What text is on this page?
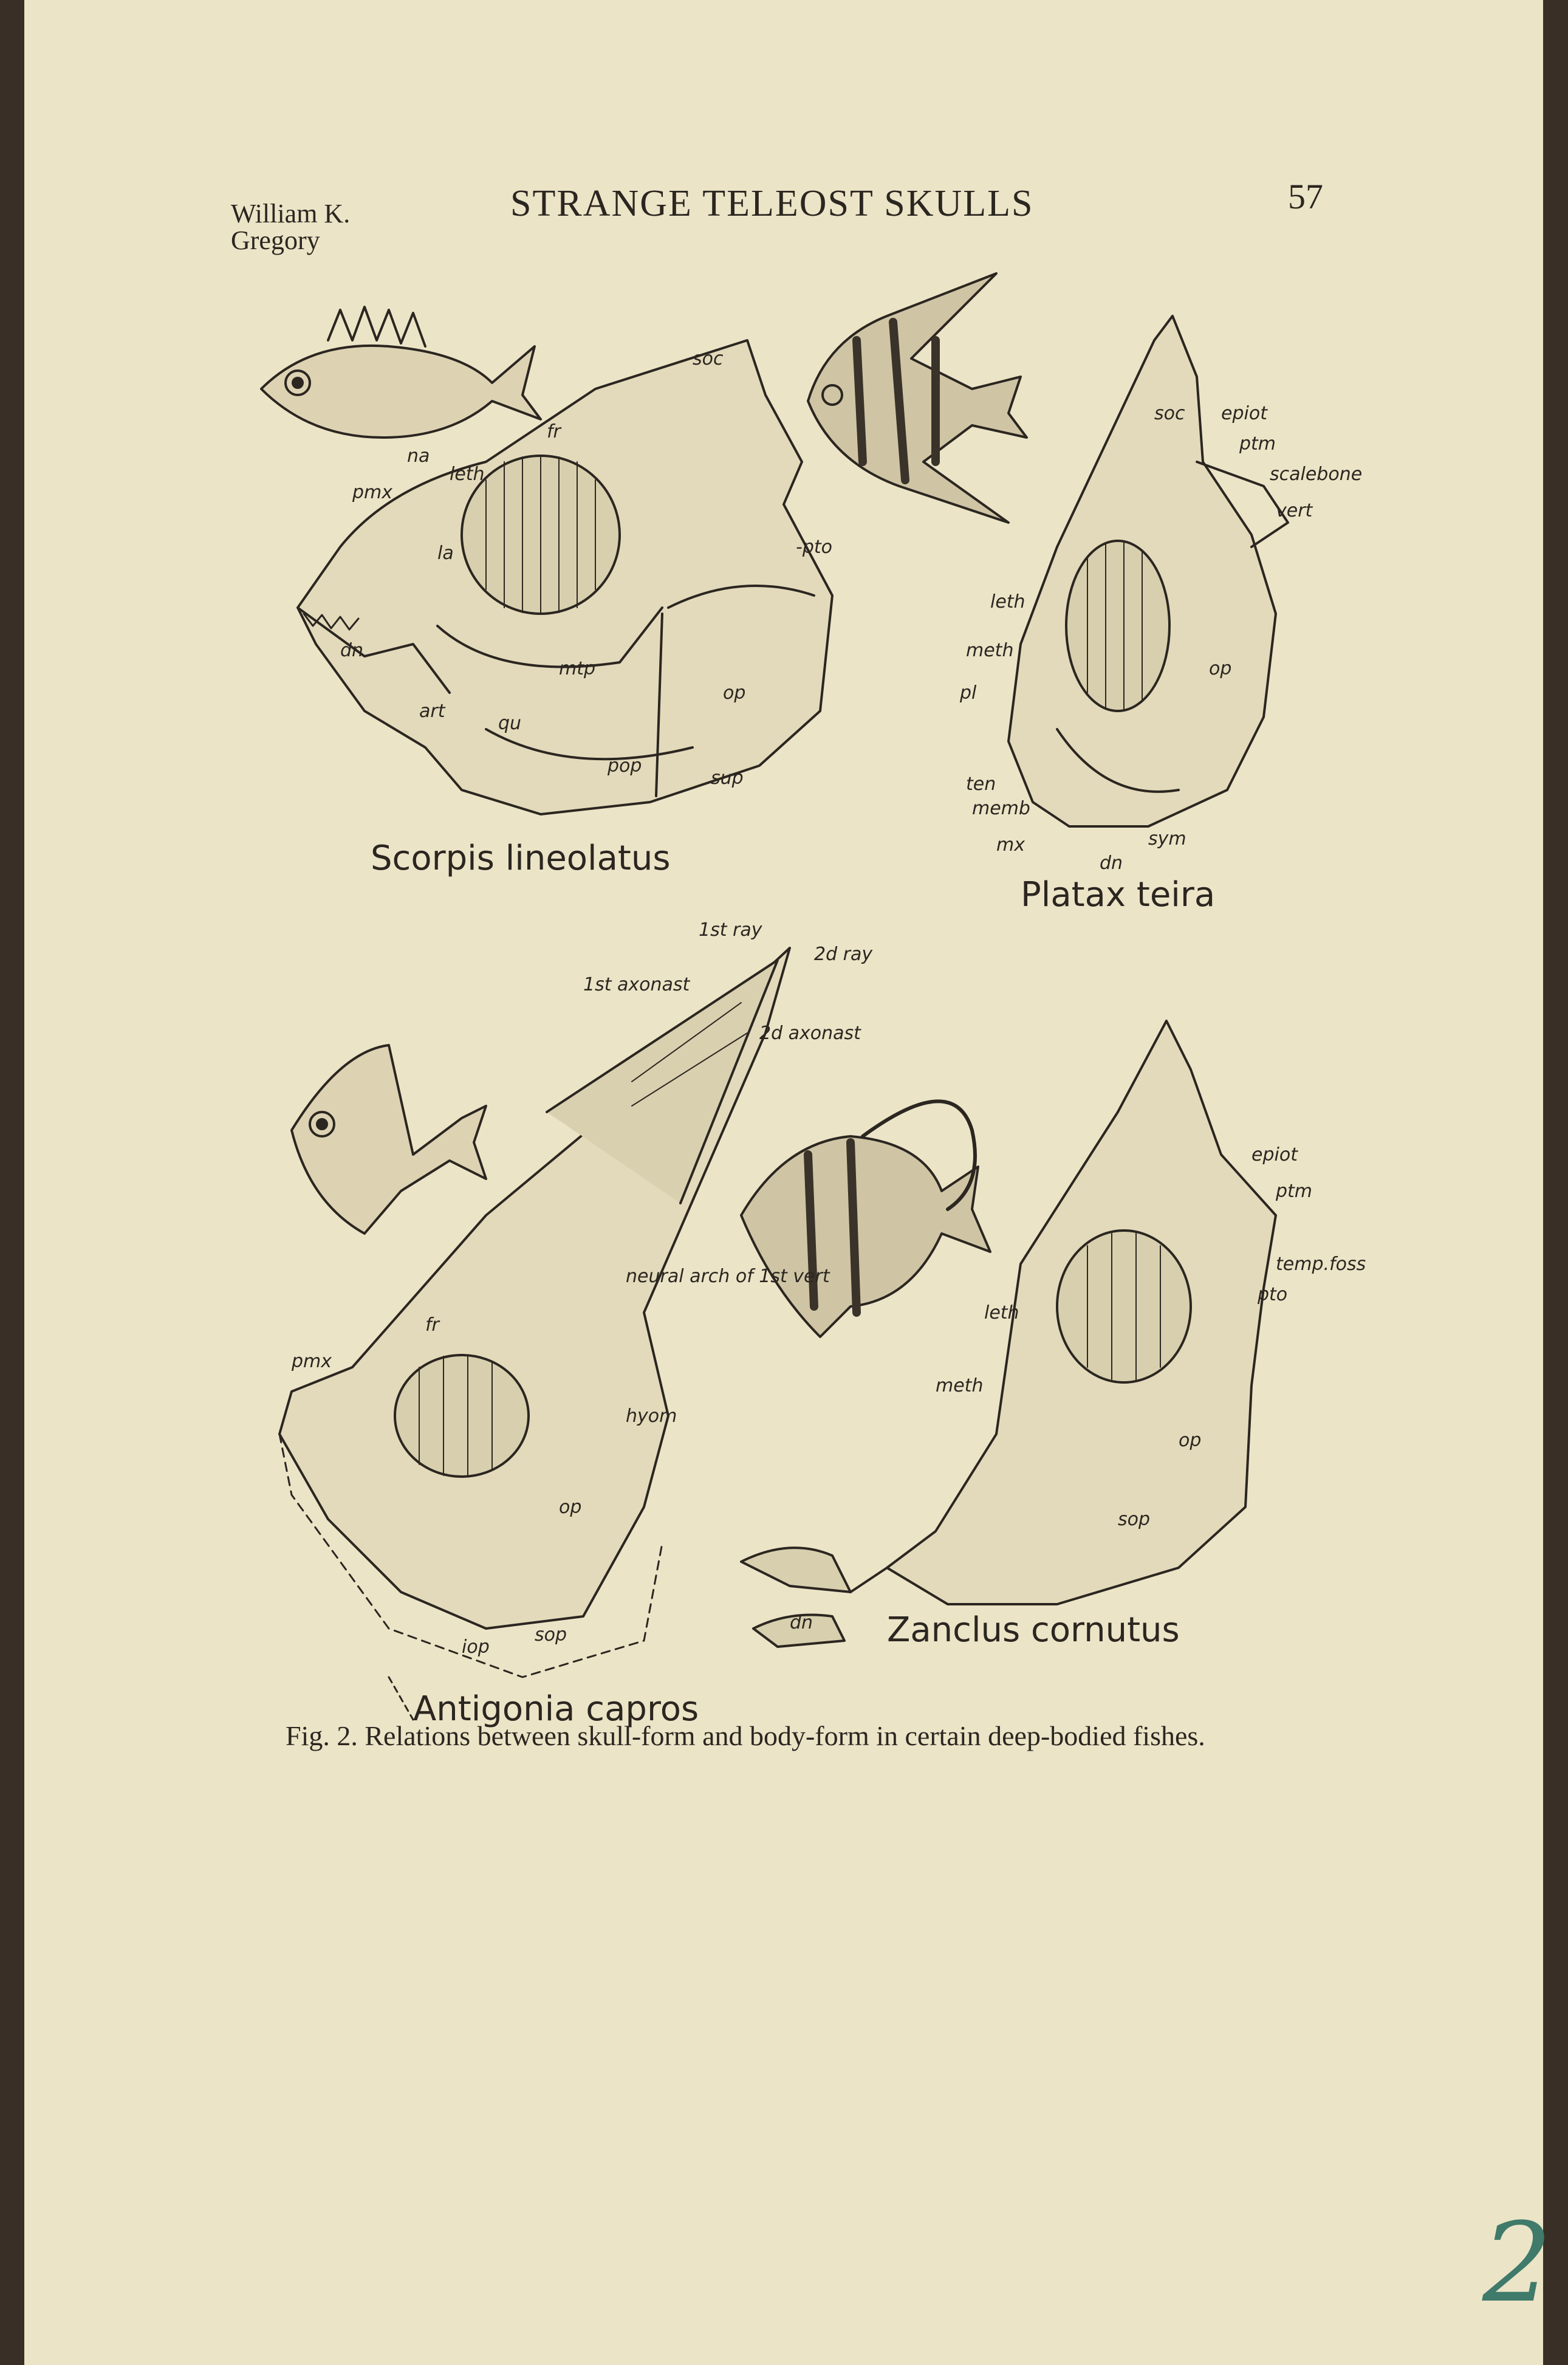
William K.
Gregory
STRANGE TELEOST SKULLS	57
soc
fr
pmx
na
leth
-pto
la
dn
art
qu
mtp
pop
op
sup
soc epiot
ptm
scalebone
vert
leth
meth
pl
op
ten
memb
mx
dn
sym
1st ray
2d ray
1st axonast
2d axonast
neural arch of 1st vert
fr
pmx
hyom
op
sop
iop
epiot
ptm
temp.foss
pto
leth
meth
op
sop
dn
Scorpis lineolatus
Platax teira
Antigonia capros
Zanclus cornutus
Fig. 2. Relations between skull-form and body-form in certain deep-bodied fishes.
2
